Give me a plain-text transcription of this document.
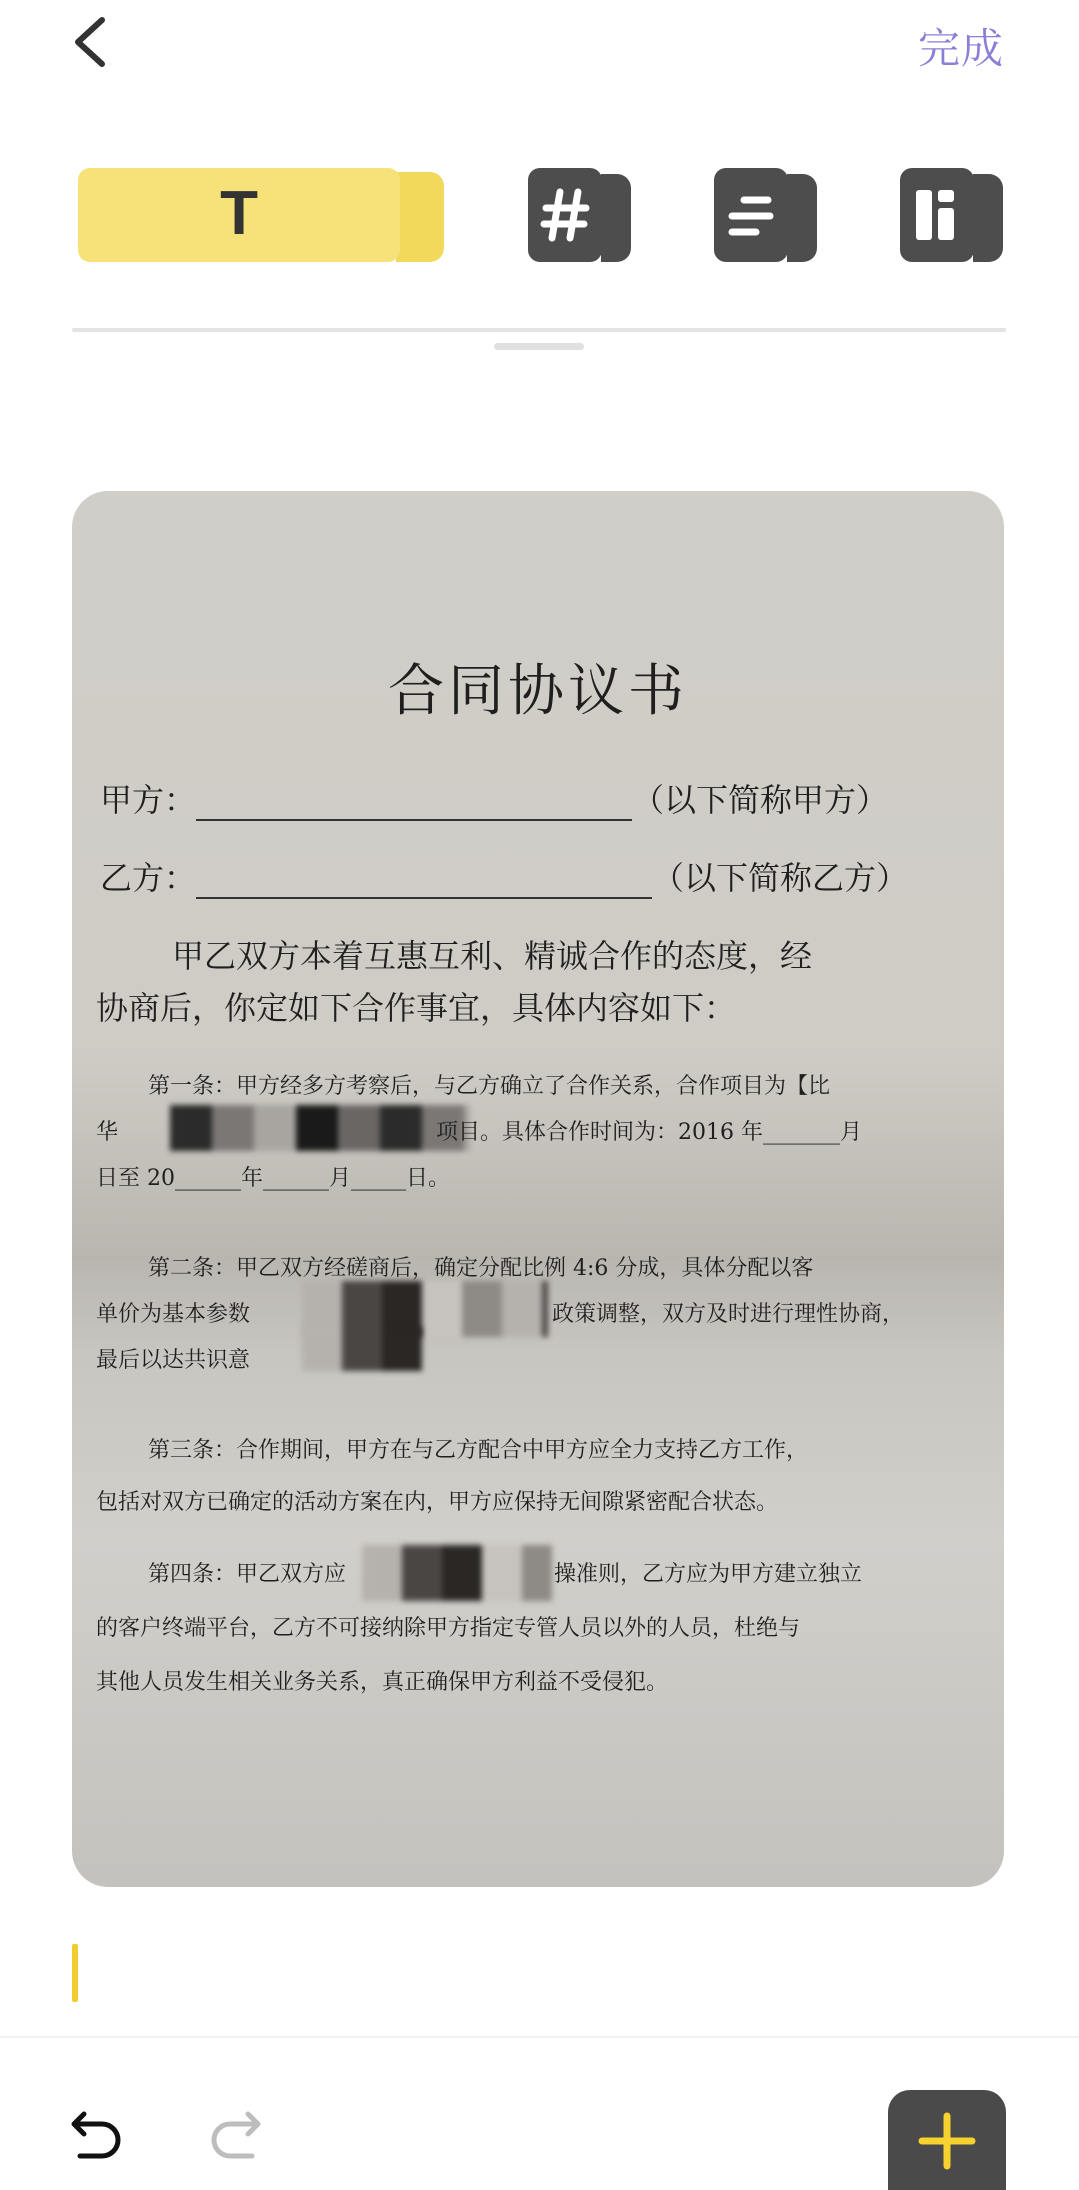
完成
T
合同协议书
甲方：	（以下简称甲方）
乙方：	（以下简称乙方）
甲乙双方本着互惠互利、精诚合作的态度，经
协商后，你定如下合作事宜，具体内容如下：
第一条：甲方经多方考察后，与乙方确立了合作关系，合作项目为【比
华	项目。具体合作时间为：2016 年_______月
日至 20______年______月_____日。
第二条：甲乙双方经磋商后，确定分配比例 4:6 分成，具体分配以客
单价为基本参数	政策调整，双方及时进行理性协商，
最后以达共识意
第三条：合作期间，甲方在与乙方配合中甲方应全力支持乙方工作，
包括对双方已确定的活动方案在内，甲方应保持无间隙紧密配合状态。
第四条：甲乙双方应	操准则，乙方应为甲方建立独立
的客户终端平台，乙方不可接纳除甲方指定专管人员以外的人员，杜绝与
其他人员发生相关业务关系，真正确保甲方利益不受侵犯。
